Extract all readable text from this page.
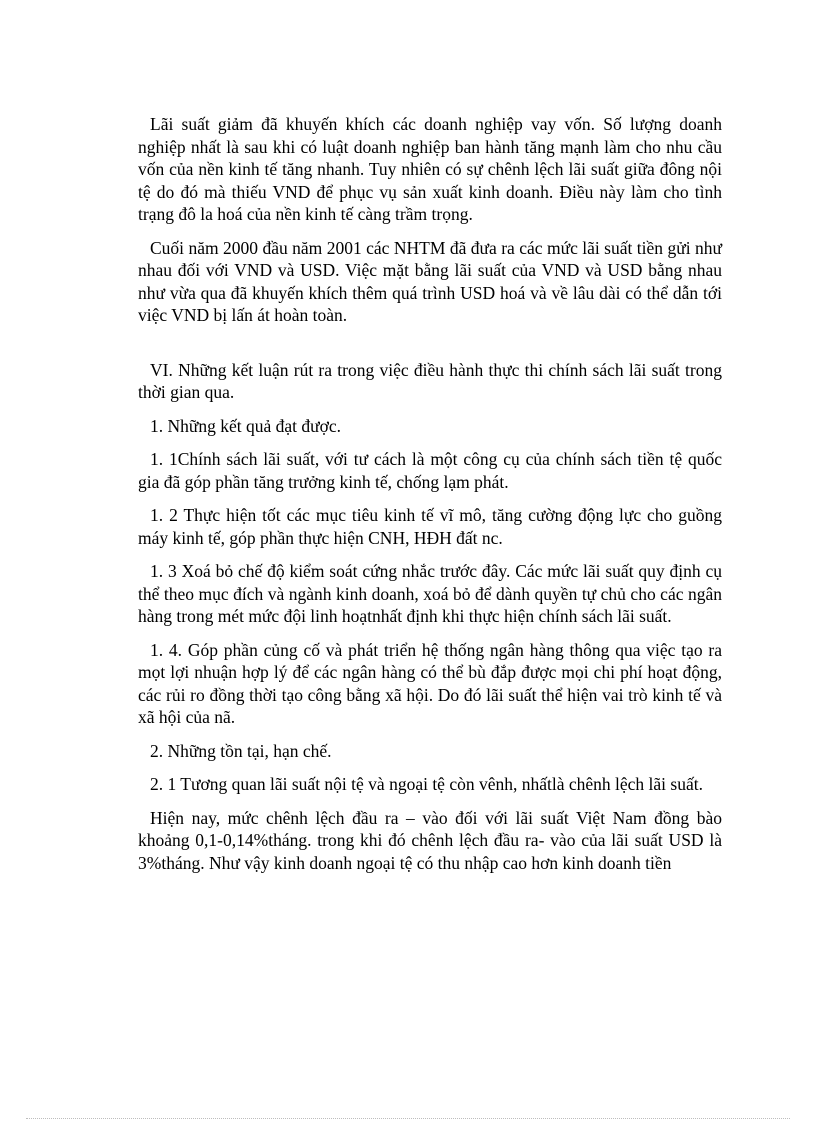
Lãi suất giảm đã khuyến khích các doanh nghiệp vay vốn. Số lượng doanh nghiệp nhất là sau khi có luật doanh nghiệp ban hành tăng mạnh làm cho nhu cầu vốn của nền kinh tế tăng nhanh. Tuy nhiên có sự chênh lệch lãi suất giữa đông nội tệ do đó mà thiếu VND để phục vụ sản xuất kinh doanh. Điều này làm cho tình trạng đô la hoá của nền kinh tế càng trầm trọng.

Cuối năm 2000 đầu năm 2001 các NHTM đã đưa ra các mức lãi suất tiền gửi như nhau đối với VND và USD. Việc mặt bằng lãi suất của VND và USD bằng nhau như vừa qua đã khuyến khích thêm quá trình USD hoá và về lâu dài có thể dẫn tới việc VND bị lấn át hoàn toàn.

VI. Những kết luận rút ra trong việc điều hành thực thi chính sách lãi suất trong thời gian qua.

1. Những kết quả đạt được.

1. 1Chính sách lãi suất, với tư cách là một công cụ của chính sách tiền tệ quốc gia đã góp phần tăng trưởng kinh tế, chống lạm phát.

1. 2 Thực hiện tốt các mục tiêu kinh tế vĩ mô, tăng cường động lực cho guồng máy kinh tế, góp phần thực hiện CNH, HĐH đất nc.

1. 3 Xoá bỏ chế độ kiểm soát cứng nhắc trước đây. Các mức lãi suất quy định cụ thể theo mục đích và ngành kinh doanh, xoá bỏ để dành quyền tự chủ cho các ngân hàng trong mét mức đội linh hoạtnhất định khi thực hiện chính sách lãi suất.

1. 4. Góp phần củng cố và phát triển hệ thống ngân hàng thông qua việc tạo ra mọt lợi nhuận hợp lý để các ngân hàng có thể bù đắp được mọi chi phí hoạt động, các rủi ro đồng thời tạo công bằng xã hội. Do đó lãi suất thể hiện vai trò kinh tế và xã hội của nã.

2. Những tồn tại, hạn chế.

2. 1 Tương quan lãi suất nội tệ và ngoại tệ còn vênh, nhấtlà chênh lệch lãi suất.

Hiện nay, mức chênh lệch đầu ra – vào đối với lãi suất Việt Nam đồng bào khoảng 0,1-0,14%tháng. trong khi đó chênh lệch đầu ra- vào của lãi suất USD là 3%tháng. Như vậy kinh doanh ngoại tệ có thu nhập cao hơn kinh doanh tiền
